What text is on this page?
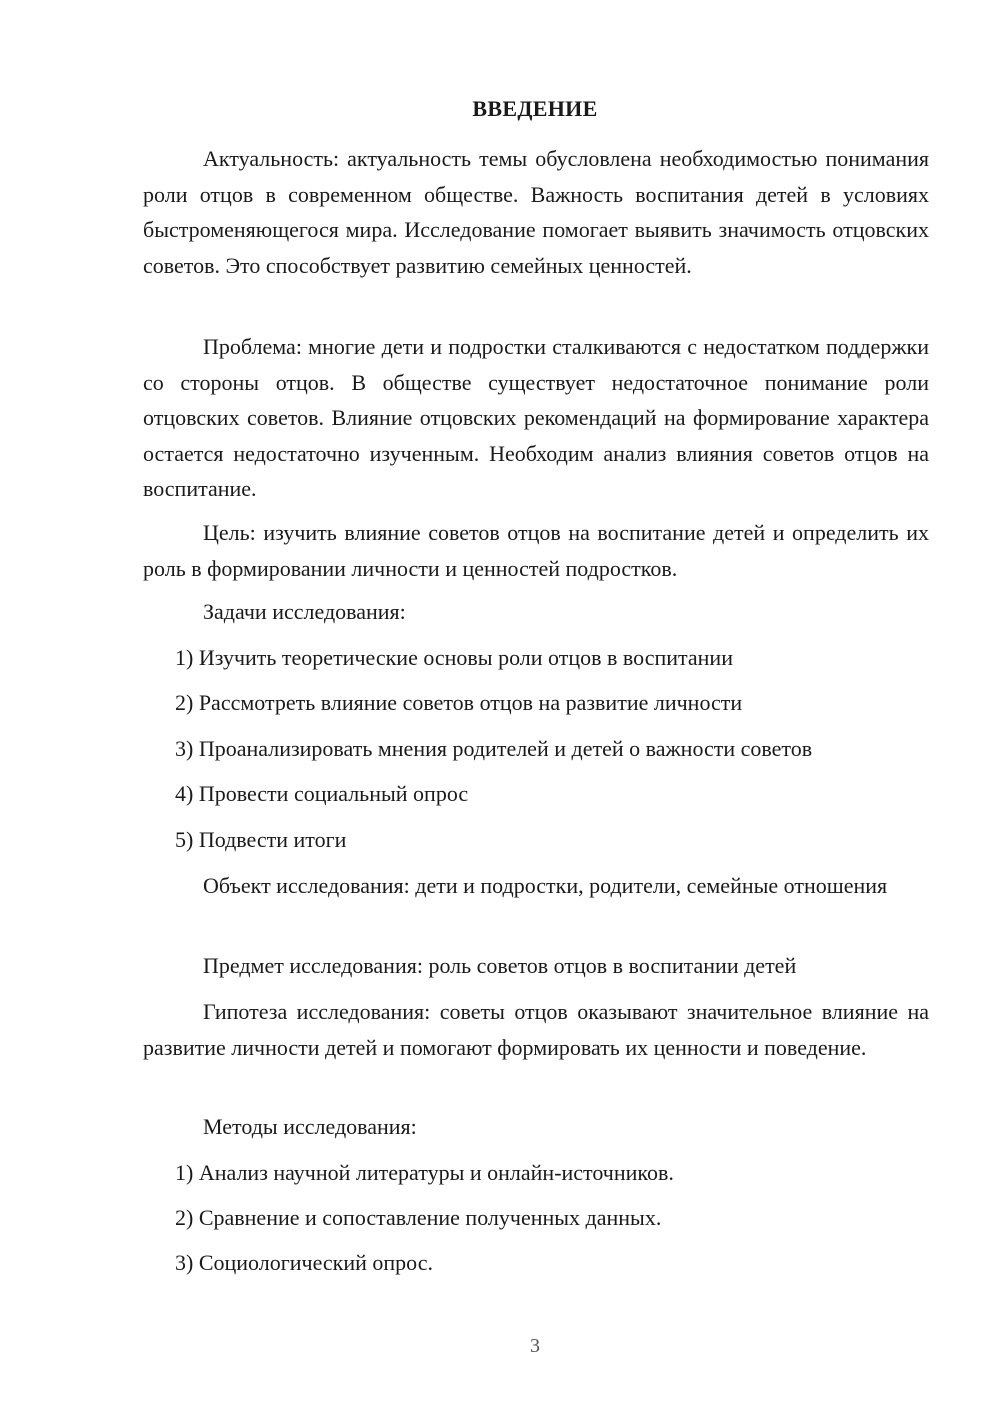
ВВЕДЕНИЕ

Актуальность: актуальность темы обусловлена необходимостью понимания роли отцов в современном обществе. Важность воспитания детей в условиях быстроменяющегося мира. Исследование помогает выявить значимость отцовских советов. Это способствует развитию семейных ценностей.

Проблема: многие дети и подростки сталкиваются с недостатком поддержки со стороны отцов. В обществе существует недостаточное понимание роли отцовских советов. Влияние отцовских рекомендаций на формирование характера остается недостаточно изученным. Необходим анализ влияния советов отцов на воспитание.

Цель: изучить влияние советов отцов на воспитание детей и определить их роль в формировании личности и ценностей подростков.

Задачи исследования:

1) Изучить теоретические основы роли отцов в воспитании

2) Рассмотреть влияние советов отцов на развитие личности

3) Проанализировать мнения родителей и детей о важности советов

4) Провести социальный опрос

5) Подвести итоги

Объект исследования: дети и подростки, родители, семейные отношения

Предмет исследования: роль советов отцов в воспитании детей

Гипотеза исследования: советы отцов оказывают значительное влияние на развитие личности детей и помогают формировать их ценности и поведение.

Методы исследования:

1) Анализ научной литературы и онлайн-источников.

2) Сравнение и сопоставление полученных данных.

3) Социологический опрос.

3
